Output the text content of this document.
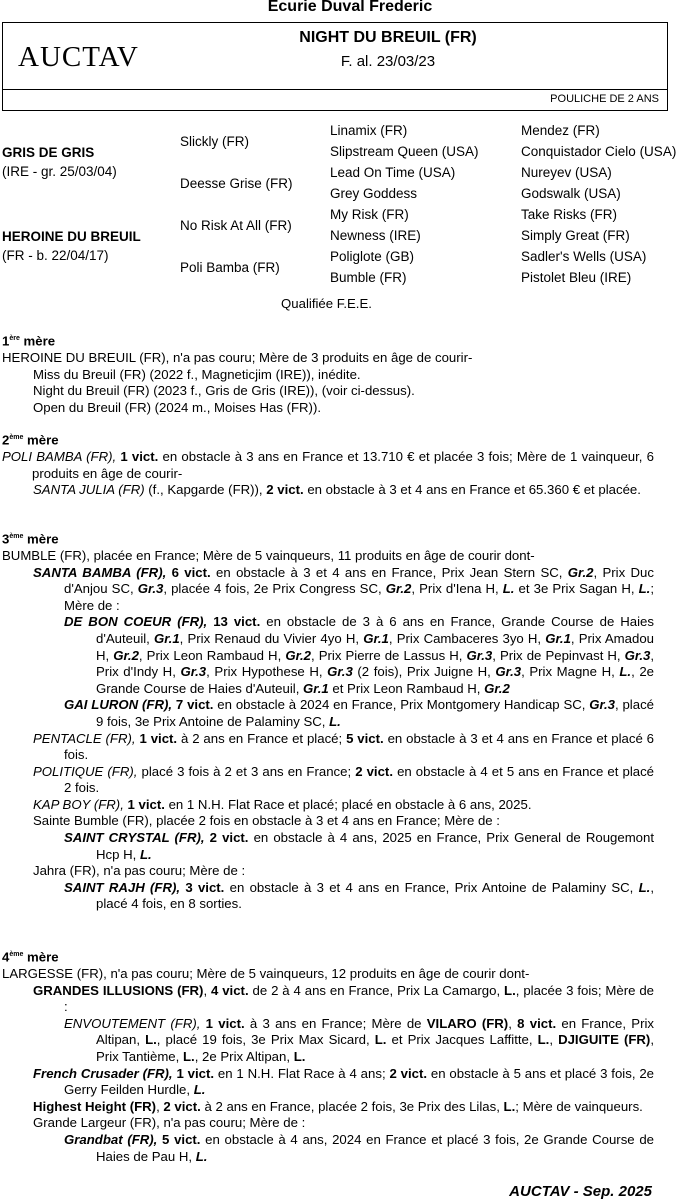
Ecurie Duval Frederic
AUCTAV
NIGHT DU BREUIL (FR)
F. al. 23/03/23
POULICHE DE 2 ANS
GRIS DE GRIS
(IRE - gr. 25/03/04)
HEROINE DU BREUIL
(FR - b. 22/04/17)
Slickly (FR)
Deesse Grise (FR)
No Risk At All (FR)
Poli Bamba (FR)
Linamix (FR)
Slipstream Queen (USA)
Lead On Time (USA)
Grey Goddess
My Risk (FR)
Newness (IRE)
Poliglote (GB)
Bumble (FR)
Mendez (FR)
Conquistador Cielo (USA)
Nureyev (USA)
Godswalk (USA)
Take Risks (FR)
Simply Great (FR)
Sadler's Wells (USA)
Pistolet Bleu (IRE)
Qualifiée F.E.E.
1ère mère

HEROINE DU BREUIL (FR), n'a pas couru; Mère de 3 produits en âge de courir-

Miss du Breuil (FR) (2022 f., Magneticjim (IRE)), inédite.

Night du Breuil (FR) (2023 f., Gris de Gris (IRE)), (voir ci-dessus).

Open du Breuil (FR) (2024 m., Moises Has (FR)).

2ème mère

POLI BAMBA (FR), 1 vict. en obstacle à 3 ans en France et 13.710 € et placée 3 fois; Mère de 1 vainqueur, 6 produits en âge de courir-

SANTA JULIA (FR) (f., Kapgarde (FR)), 2 vict. en obstacle à 3 et 4 ans en France et 65.360 € et placée.

3ème mère

BUMBLE (FR), placée en France; Mère de 5 vainqueurs, 11 produits en âge de courir dont-

SANTA BAMBA (FR), 6 vict. en obstacle à 3 et 4 ans en France, Prix Jean Stern SC, Gr.2, Prix Duc d'Anjou SC, Gr.3, placée 4 fois, 2e Prix Congress SC, Gr.2, Prix d'Iena H, L. et 3e Prix Sagan H, L.; Mère de :

DE BON COEUR (FR), 13 vict. en obstacle de 3 à 6 ans en France, Grande Course de Haies d'Auteuil, Gr.1, Prix Renaud du Vivier 4yo H, Gr.1, Prix Cambaceres 3yo H, Gr.1, Prix Amadou H, Gr.2, Prix Leon Rambaud H, Gr.2, Prix Pierre de Lassus H, Gr.3, Prix de Pepinvast H, Gr.3, Prix d'Indy H, Gr.3, Prix Hypothese H, Gr.3 (2 fois), Prix Juigne H, Gr.3, Prix Magne H, L., 2e Grande Course de Haies d'Auteuil, Gr.1 et Prix Leon Rambaud H, Gr.2

GAI LURON (FR), 7 vict. en obstacle à 2024 en France, Prix Montgomery Handicap SC, Gr.3, placé 9 fois, 3e Prix Antoine de Palaminy SC, L.

PENTACLE (FR), 1 vict. à 2 ans en France et placé; 5 vict. en obstacle à 3 et 4 ans en France et placé 6 fois.

POLITIQUE (FR), placé 3 fois à 2 et 3 ans en France; 2 vict. en obstacle à 4 et 5 ans en France et placé 2 fois.

KAP BOY (FR), 1 vict. en 1 N.H. Flat Race et placé; placé en obstacle à 6 ans, 2025.

Sainte Bumble (FR), placée 2 fois en obstacle à 3 et 4 ans en France; Mère de :

SAINT CRYSTAL (FR), 2 vict. en obstacle à 4 ans, 2025 en France, Prix General de Rougemont Hcp H, L.

Jahra (FR), n'a pas couru; Mère de :

SAINT RAJH (FR), 3 vict. en obstacle à 3 et 4 ans en France, Prix Antoine de Palaminy SC, L., placé 4 fois, en 8 sorties.

4ème mère

LARGESSE (FR), n'a pas couru; Mère de 5 vainqueurs, 12 produits en âge de courir dont-

GRANDES ILLUSIONS (FR), 4 vict. de 2 à 4 ans en France, Prix La Camargo, L., placée 3 fois; Mère de :

ENVOUTEMENT (FR), 1 vict. à 3 ans en France; Mère de VILARO (FR), 8 vict. en France, Prix Altipan, L., placé 19 fois, 3e Prix Max Sicard, L. et Prix Jacques Laffitte, L., DJIGUITE (FR), Prix Tantième, L., 2e Prix Altipan, L.

French Crusader (FR), 1 vict. en 1 N.H. Flat Race à 4 ans; 2 vict. en obstacle à 5 ans et placé 3 fois, 2e Gerry Feilden Hurdle, L.

Highest Height (FR), 2 vict. à 2 ans en France, placée 2 fois, 3e Prix des Lilas, L.; Mère de vainqueurs.

Grande Largeur (FR), n'a pas couru; Mère de :

Grandbat (FR), 5 vict. en obstacle à 4 ans, 2024 en France et placé 3 fois, 2e Grande Course de Haies de Pau H, L.

AUCTAV - Sep. 2025
